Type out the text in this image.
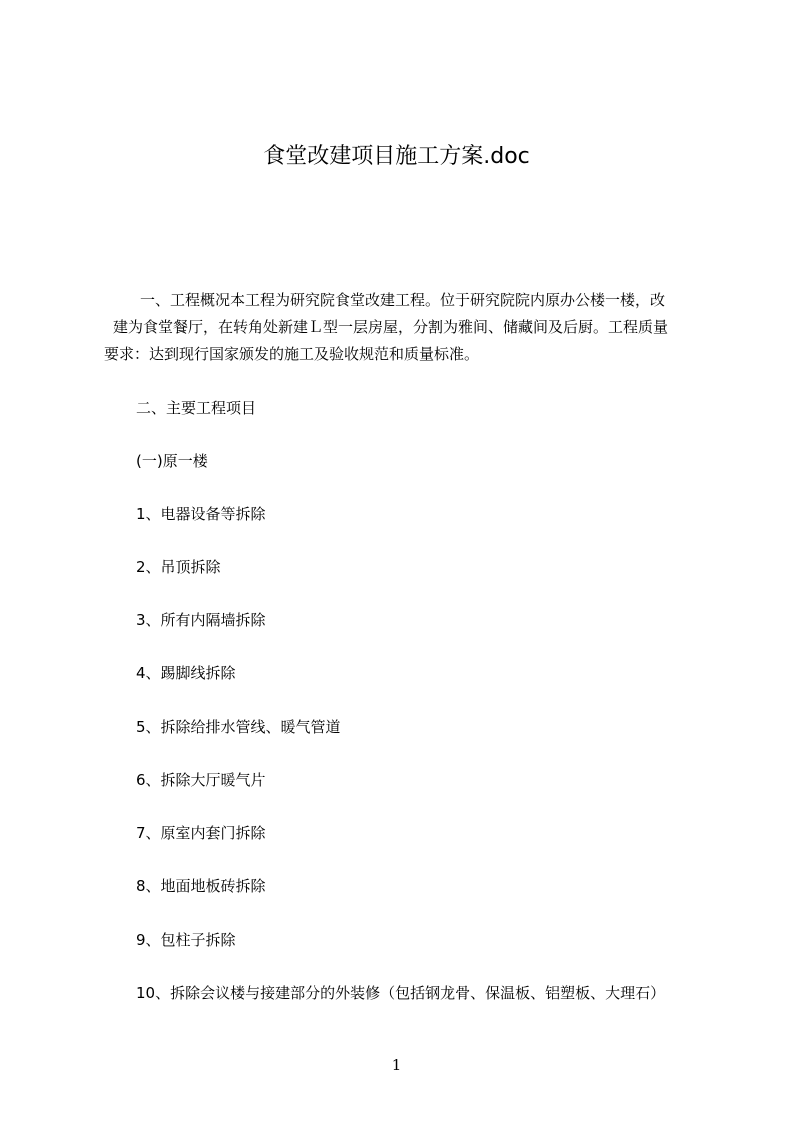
食堂改建项目施工方案.doc

一、工程概况本工程为研究院食堂改建工程。位于研究院院内原办公楼一楼，改
建为食堂餐厅，在转角处新建Ｌ型一层房屋，分割为雅间、储藏间及后厨。工程质量
要求：达到现行国家颁发的施工及验收规范和质量标准。

二、主要工程项目
(一)原一楼
1、电器设备等拆除
2、吊顶拆除
3、所有内隔墙拆除
4、踢脚线拆除
5、拆除给排水管线、暖气管道
6、拆除大厅暖气片
7、原室内套门拆除
8、地面地板砖拆除
9、包柱子拆除
10、拆除会议楼与接建部分的外装修（包括钢龙骨、保温板、铝塑板、大理石）
1
